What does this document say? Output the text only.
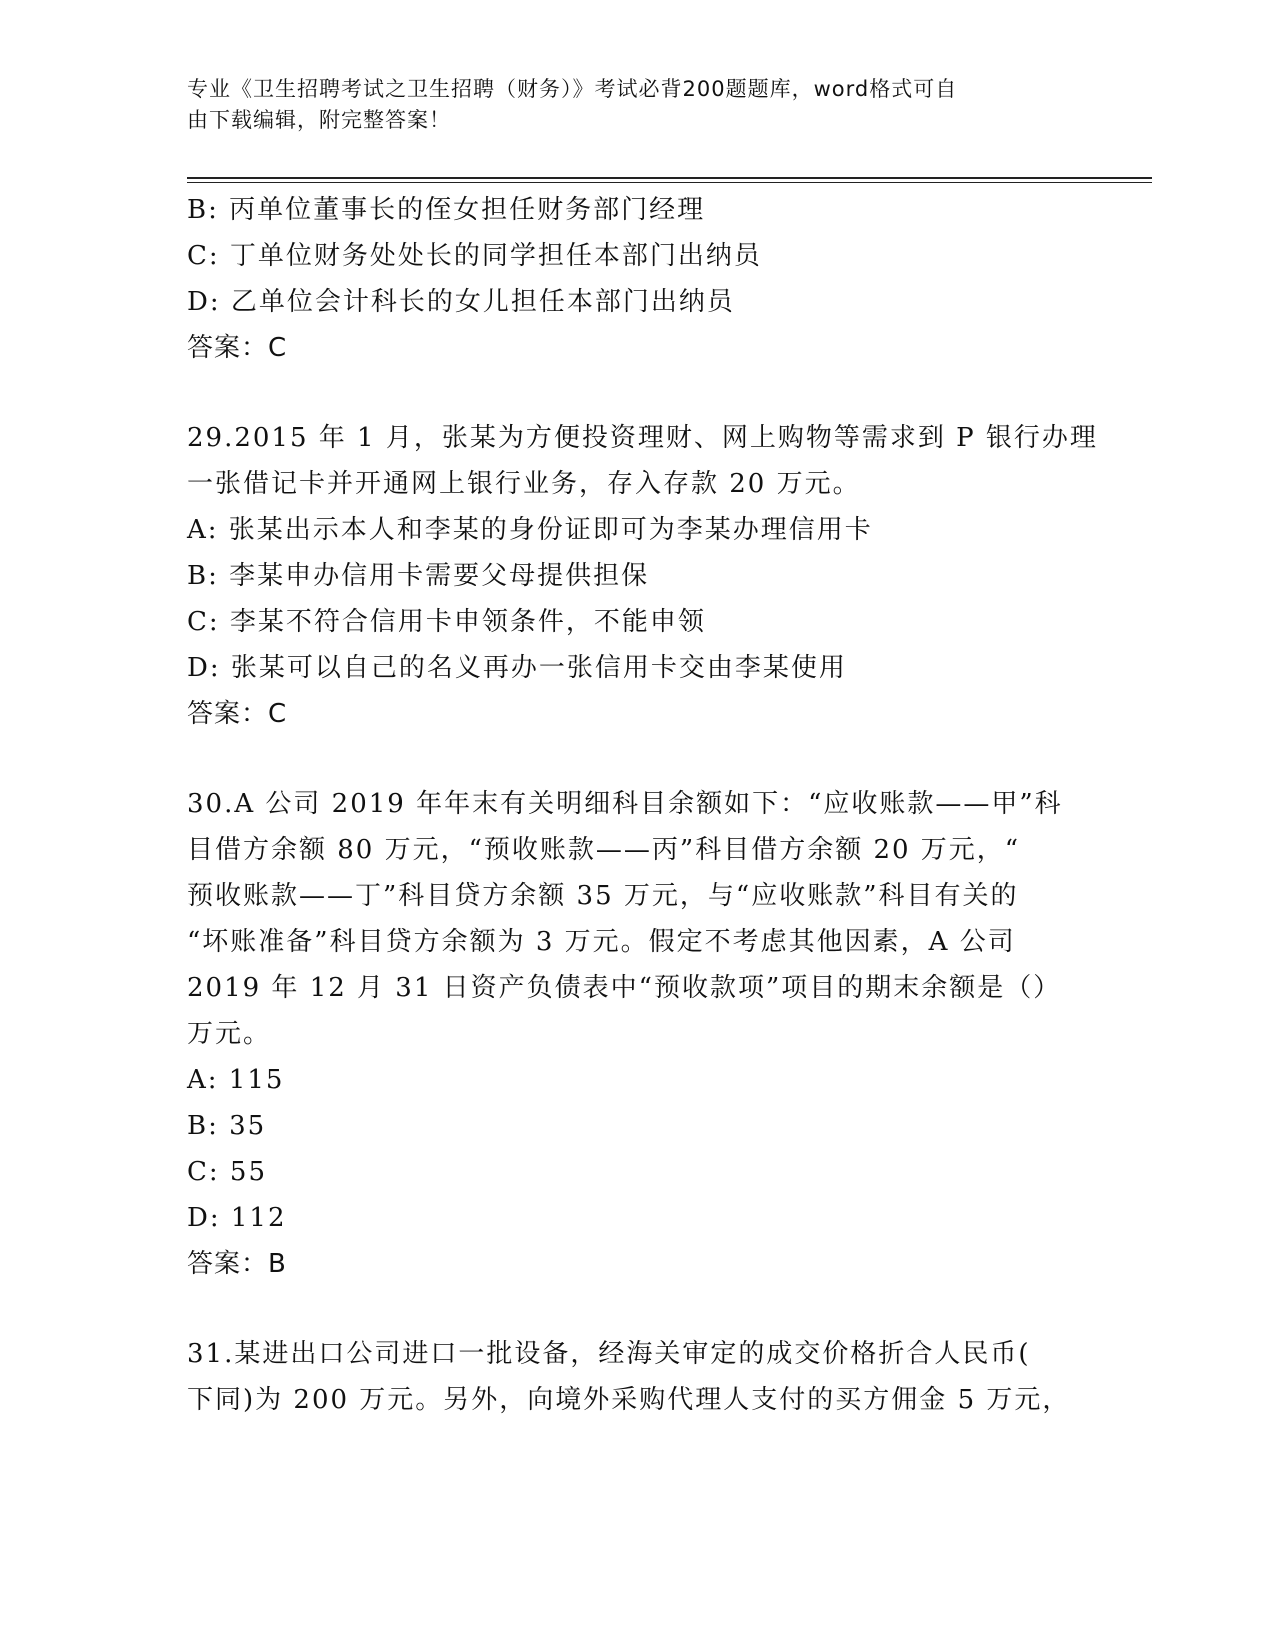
专业《卫生招聘考试之卫生招聘（财务）》考试必背200题题库，word格式可自
由下载编辑，附完整答案！
B: 丙单位董事长的侄女担任财务部门经理
C: 丁单位财务处处长的同学担任本部门出纳员
D: 乙单位会计科长的女儿担任本部门出纳员
答案：C
29.2015 年 1 月，张某为方便投资理财、网上购物等需求到 P 银行办理
一张借记卡并开通网上银行业务，存入存款 20 万元。
A: 张某出示本人和李某的身份证即可为李某办理信用卡
B: 李某申办信用卡需要父母提供担保
C: 李某不符合信用卡申领条件，不能申领
D: 张某可以自己的名义再办一张信用卡交由李某使用
答案：C
30.A 公司 2019 年年末有关明细科目余额如下：“应收账款——甲”科
目借方余额 80 万元，“预收账款——丙”科目借方余额 20 万元，“
预收账款——丁”科目贷方余额 35 万元，与“应收账款”科目有关的
“坏账准备”科目贷方余额为 3 万元。假定不考虑其他因素，A 公司
2019 年 12 月 31 日资产负债表中“预收款项”项目的期末余额是（）
万元。
A: 115
B: 35
C: 55
D: 112
答案：B
31.某进出口公司进口一批设备，经海关审定的成交价格折合人民币(
下同)为 200 万元。另外，向境外采购代理人支付的买方佣金 5 万元，
